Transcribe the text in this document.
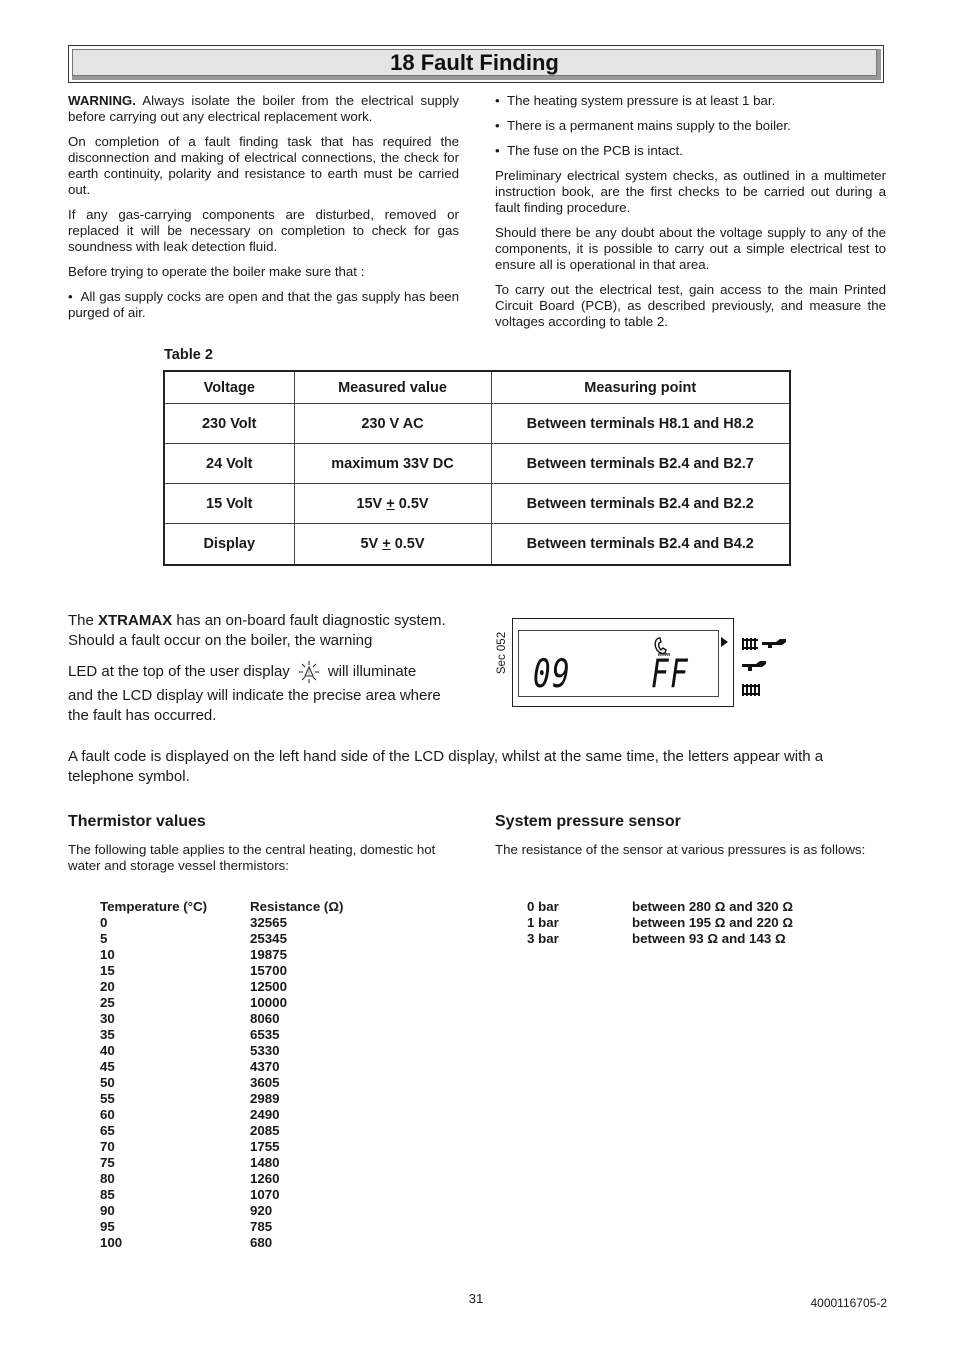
18 Fault Finding

WARNING. Always isolate the boiler from the electrical supply before carrying out any electrical replacement work.

On completion of a fault finding task that has required the disconnection and making of electrical connections, the check for earth continuity, polarity and resistance to earth must be carried out.

If any gas-carrying components are disturbed, removed or replaced it will be necessary on completion to check for gas soundness with leak detection fluid.

Before trying to operate the boiler make sure that :

•  All gas supply cocks are open and that the gas supply has been purged of air.

• The heating system pressure is at least 1 bar.

• There is a permanent mains supply to the boiler.

• The fuse on the PCB is intact.

Preliminary electrical system checks, as outlined in a multimeter instruction book, are the first checks to be carried out during a fault finding procedure.

Should there be any doubt about the voltage supply to any of the components, it is possible to carry out a simple electrical test to ensure all is operational in that area.

To carry out the electrical test, gain access to the main Printed Circuit Board (PCB), as described previously, and measure the voltages according to table 2.

Table 2
Voltage	Measured value	Measuring point
230 Volt	230 V AC	Between terminals H8.1 and H8.2
24 Volt	maximum 33V DC	Between terminals B2.4 and B2.7
15 Volt	15V + 0.5V	Between terminals B2.4 and B2.2
Display	5V + 0.5V	Between terminals B2.4 and B4.2
The XTRAMAX has an on-board fault diagnostic system. Should a fault occur on the boiler, the warning
LED at the top of the user display	! will illuminate
and the LCD display will indicate the precise area where the fault has occurred.
Sec 052 09 FF
A fault code is displayed on the left hand side of the LCD display, whilst at the same time, the letters appear with a telephone symbol.
Thermistor values
The following table applies to the central heating, domestic hot water and storage vessel thermistors:
Temperature (°C)	Resistance (Ω)
0	32565
5	25345
10	19875
15	15700
20	12500
25	10000
30	8060
35	6535
40	5330
45	4370
50	3605
55	2989
60	2490
65	2085
70	1755
75	1480
80	1260
85	1070
90	920
95	785
100	680
System pressure sensor
The resistance of the sensor at various pressures is as follows:
0 bar	between 280 Ω and 320 Ω
1 bar	between 195 Ω and 220 Ω
3 bar	between 93 Ω and 143 Ω
31	4000116705-2
